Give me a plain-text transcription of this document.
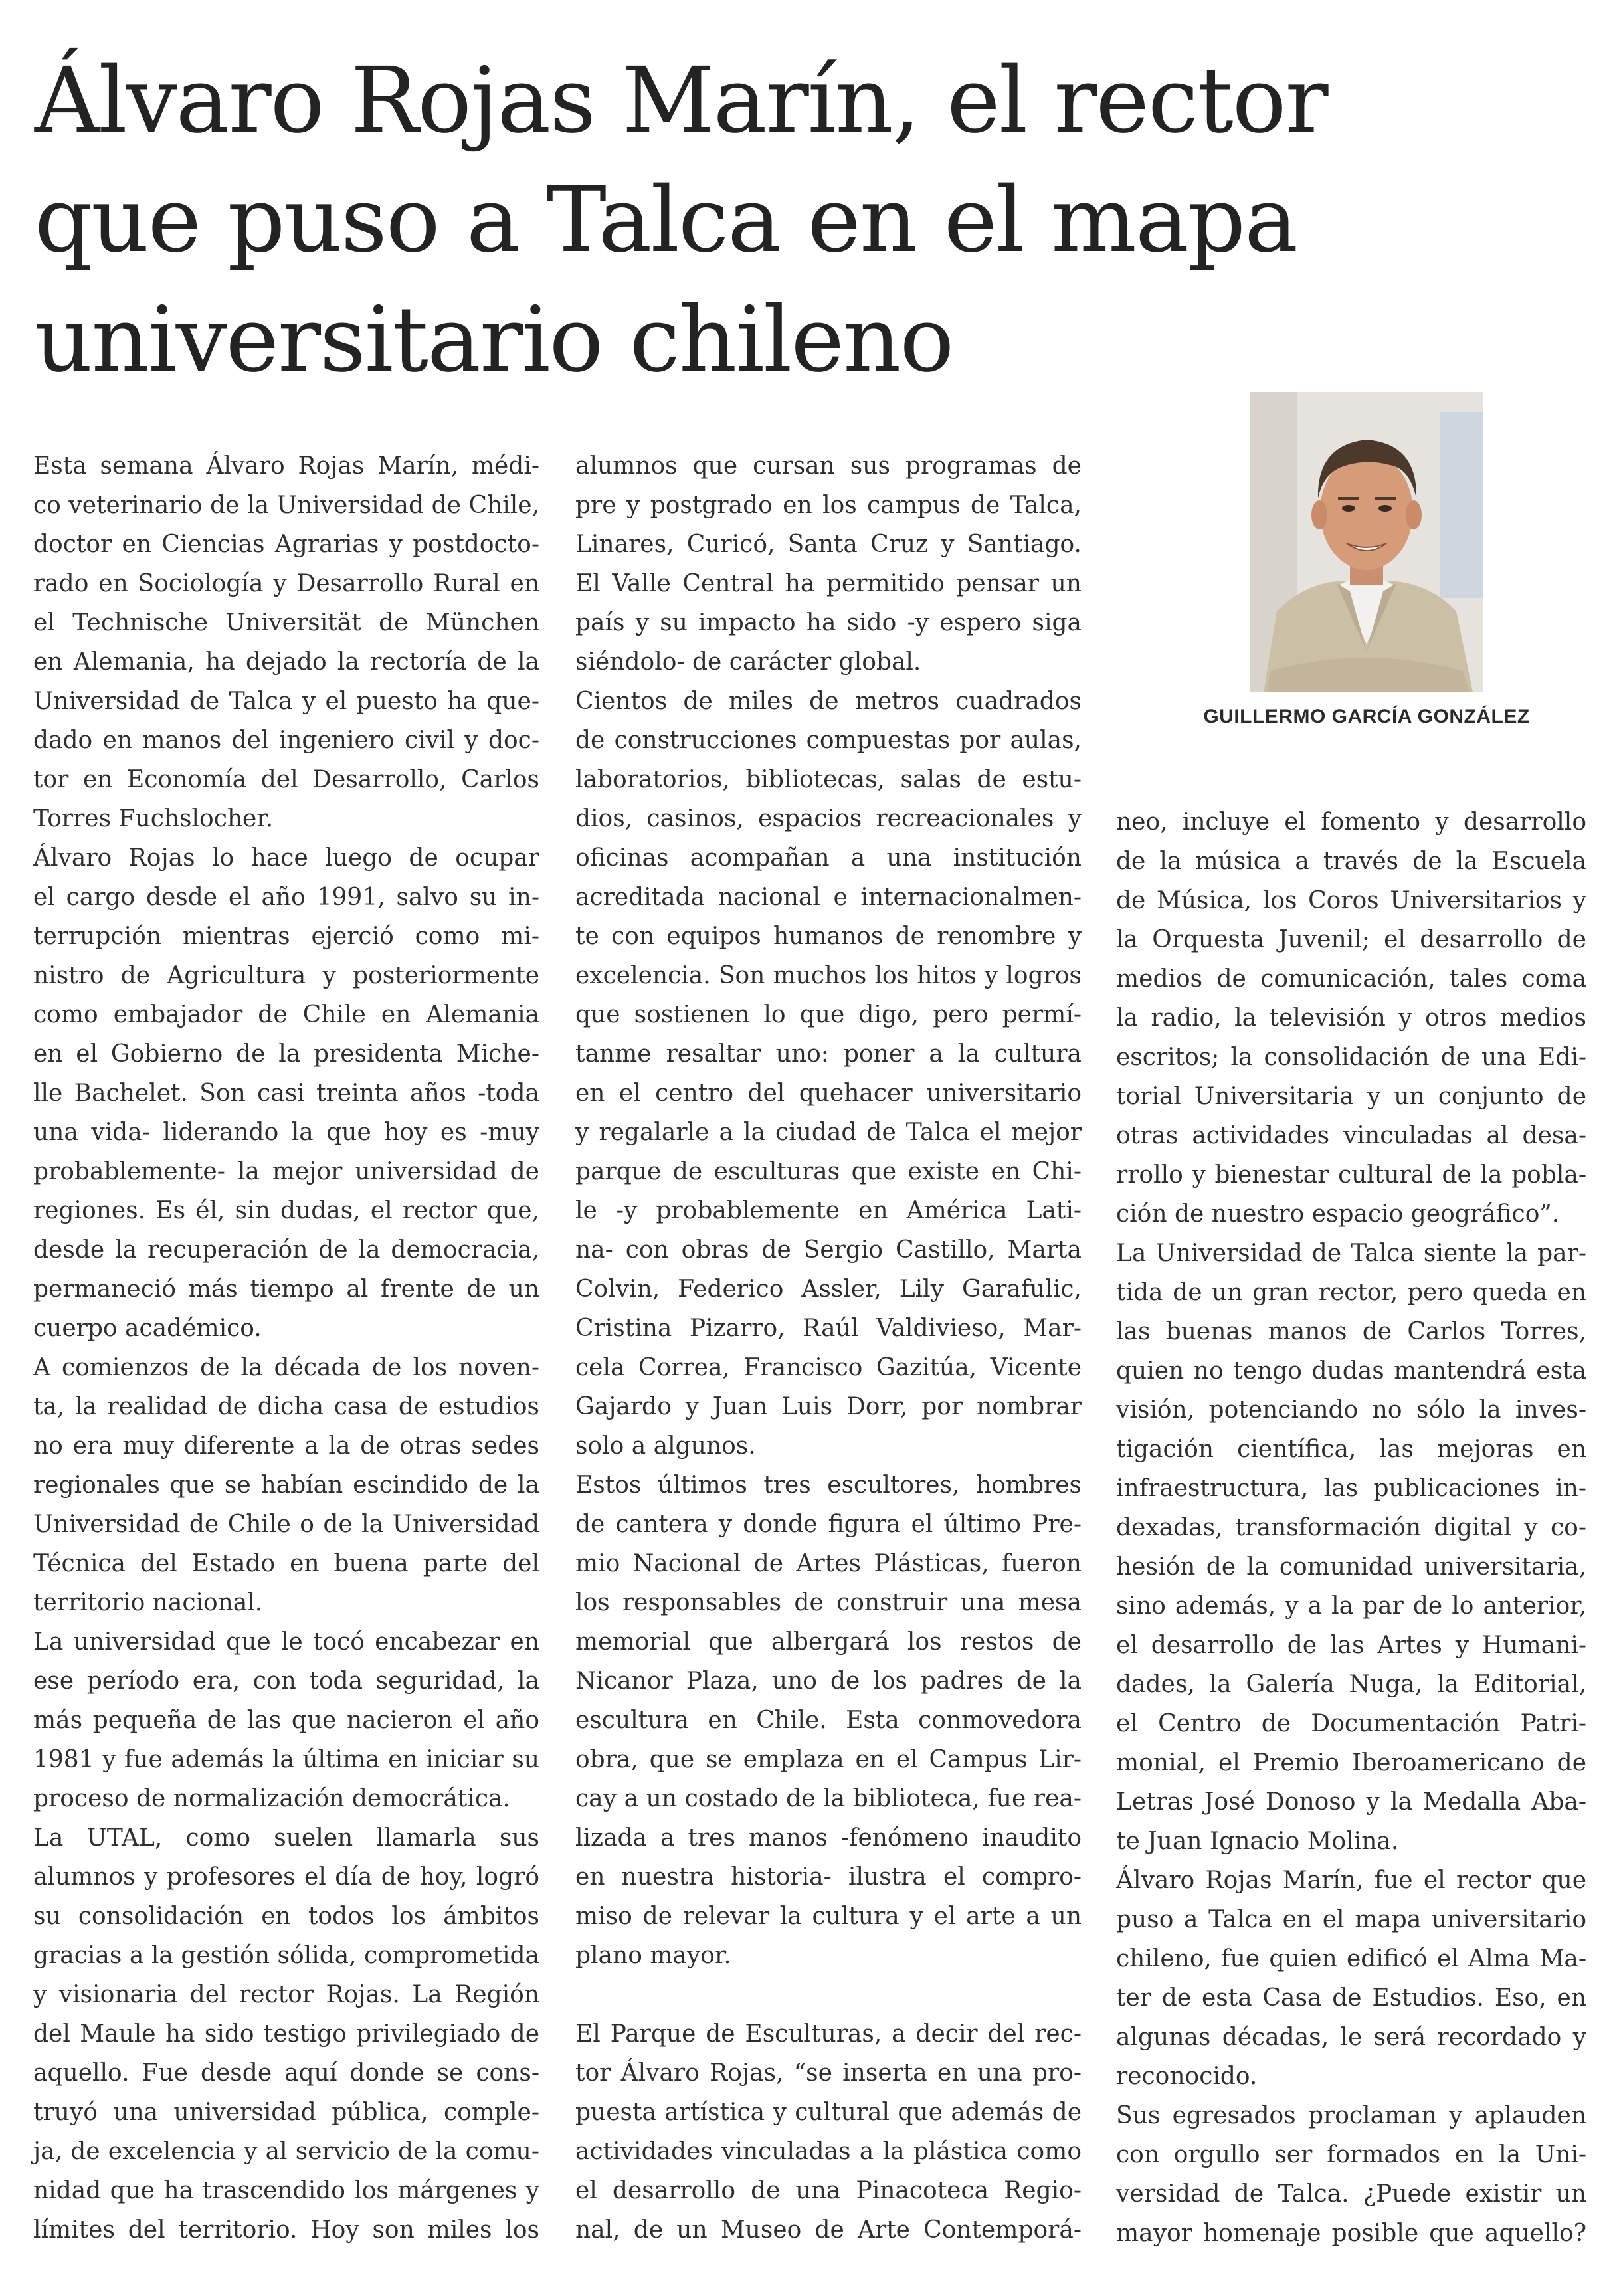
Álvaro Rojas Marín, el rector
que puso a Talca en el mapa
universitario chileno
GUILLERMO GARCÍA GONZÁLEZ

Esta semana Álvaro Rojas Marín, médi-
co veterinario de la Universidad de Chile,
doctor en Ciencias Agrarias y postdocto-
rado en Sociología y Desarrollo Rural en
el Technische Universität de München
en Alemania, ha dejado la rectoría de la
Universidad de Talca y el puesto ha que-
dado en manos del ingeniero civil y doc-
tor en Economía del Desarrollo, Carlos
Torres Fuchslocher.

Álvaro Rojas lo hace luego de ocupar
el cargo desde el año 1991, salvo su in-
terrupción mientras ejerció como mi-
nistro de Agricultura y posteriormente
como embajador de Chile en Alemania
en el Gobierno de la presidenta Miche-
lle Bachelet. Son casi treinta años -toda
una vida- liderando la que hoy es -muy
probablemente- la mejor universidad de
regiones. Es él, sin dudas, el rector que,
desde la recuperación de la democracia,
permaneció más tiempo al frente de un
cuerpo académico.

A comienzos de la década de los noven-
ta, la realidad de dicha casa de estudios
no era muy diferente a la de otras sedes
regionales que se habían escindido de la
Universidad de Chile o de la Universidad
Técnica del Estado en buena parte del
territorio nacional.

La universidad que le tocó encabezar en
ese período era, con toda seguridad, la
más pequeña de las que nacieron el año
1981 y fue además la última en iniciar su
proceso de normalización democrática.

La UTAL, como suelen llamarla sus
alumnos y profesores el día de hoy, logró
su consolidación en todos los ámbitos
gracias a la gestión sólida, comprometida
y visionaria del rector Rojas. La Región
del Maule ha sido testigo privilegiado de
aquello. Fue desde aquí donde se cons-
truyó una universidad pública, comple-
ja, de excelencia y al servicio de la comu-
nidad que ha trascendido los márgenes y
límites del territorio. Hoy son miles los

alumnos que cursan sus programas de
pre y postgrado en los campus de Talca,
Linares, Curicó, Santa Cruz y Santiago.
El Valle Central ha permitido pensar un
país y su impacto ha sido -y espero siga
siéndolo- de carácter global.

Cientos de miles de metros cuadrados
de construcciones compuestas por aulas,
laboratorios, bibliotecas, salas de estu-
dios, casinos, espacios recreacionales y
oficinas acompañan a una institución
acreditada nacional e internacionalmen-
te con equipos humanos de renombre y
excelencia. Son muchos los hitos y logros
que sostienen lo que digo, pero permí-
tanme resaltar uno: poner a la cultura
en el centro del quehacer universitario
y regalarle a la ciudad de Talca el mejor
parque de esculturas que existe en Chi-
le -y probablemente en América Lati-
na- con obras de Sergio Castillo, Marta
Colvin, Federico Assler, Lily Garafulic,
Cristina Pizarro, Raúl Valdivieso, Mar-
cela Correa, Francisco Gazitúa, Vicente
Gajardo y Juan Luis Dorr, por nombrar
solo a algunos.

Estos últimos tres escultores, hombres
de cantera y donde figura el último Pre-
mio Nacional de Artes Plásticas, fueron
los responsables de construir una mesa
memorial que albergará los restos de
Nicanor Plaza, uno de los padres de la
escultura en Chile. Esta conmovedora
obra, que se emplaza en el Campus Lir-
cay a un costado de la biblioteca, fue rea-
lizada a tres manos -fenómeno inaudito
en nuestra historia- ilustra el compro-
miso de relevar la cultura y el arte a un
plano mayor.

El Parque de Esculturas, a decir del rec-
tor Álvaro Rojas, “se inserta en una pro-
puesta artística y cultural que además de
actividades vinculadas a la plástica como
el desarrollo de una Pinacoteca Regio-
nal, de un Museo de Arte Contemporá-

neo, incluye el fomento y desarrollo
de la música a través de la Escuela
de Música, los Coros Universitarios y
la Orquesta Juvenil; el desarrollo de
medios de comunicación, tales coma
la radio, la televisión y otros medios
escritos; la consolidación de una Edi-
torial Universitaria y un conjunto de
otras actividades vinculadas al desa-
rrollo y bienestar cultural de la pobla-
ción de nuestro espacio geográfico”.

La Universidad de Talca siente la par-
tida de un gran rector, pero queda en
las buenas manos de Carlos Torres,
quien no tengo dudas mantendrá esta
visión, potenciando no sólo la inves-
tigación científica, las mejoras en
infraestructura, las publicaciones in-
dexadas, transformación digital y co-
hesión de la comunidad universitaria,
sino además, y a la par de lo anterior,
el desarrollo de las Artes y Humani-
dades, la Galería Nuga, la Editorial,
el Centro de Documentación Patri-
monial, el Premio Iberoamericano de
Letras José Donoso y la Medalla Aba-
te Juan Ignacio Molina.

Álvaro Rojas Marín, fue el rector que
puso a Talca en el mapa universitario
chileno, fue quien edificó el Alma Ma-
ter de esta Casa de Estudios. Eso, en
algunas décadas, le será recordado y
reconocido.

Sus egresados proclaman y aplauden
con orgullo ser formados en la Uni-
versidad de Talca. ¿Puede existir un
mayor homenaje posible que aquello?
